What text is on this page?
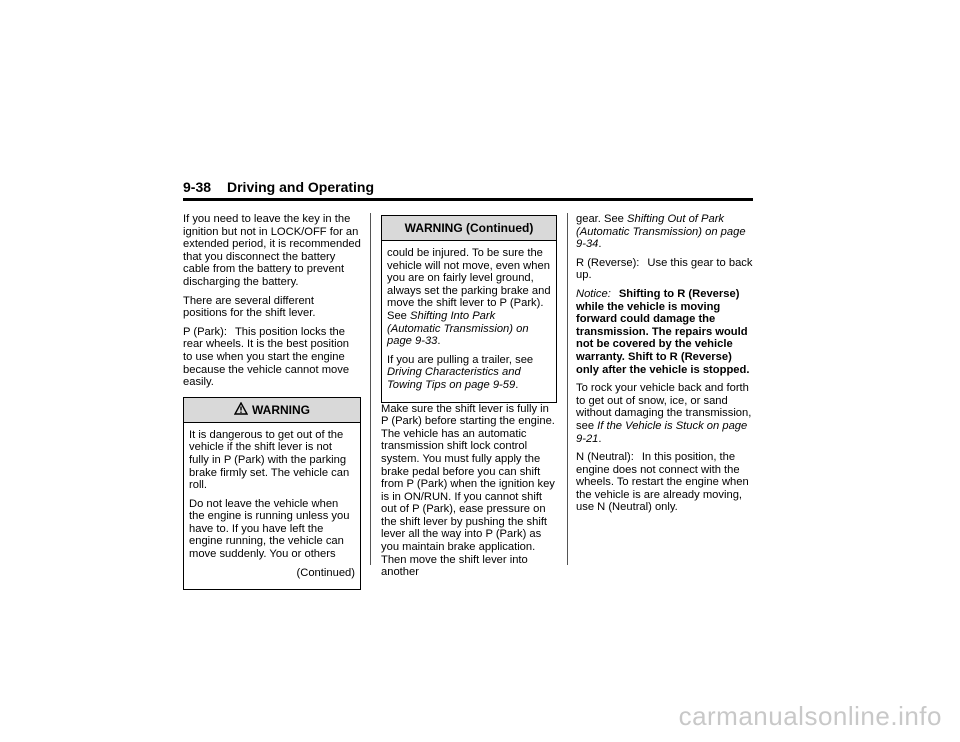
9-38 Driving and Operating

If you need to leave the key in the ignition but not in LOCK/OFF for an extended period, it is recommended that you disconnect the battery cable from the battery to prevent discharging the battery.

There are several different positions for the shift lever.

P (Park): This position locks the rear wheels. It is the best position to use when you start the engine because the vehicle cannot move easily.

WARNING

It is dangerous to get out of the vehicle if the shift lever is not fully in P (Park) with the parking brake firmly set. The vehicle can roll.

Do not leave the vehicle when the engine is running unless you have to. If you have left the engine running, the vehicle can move suddenly. You or others

(Continued)

WARNING (Continued)

could be injured. To be sure the vehicle will not move, even when you are on fairly level ground, always set the parking brake and move the shift lever to P (Park). See Shifting Into Park (Automatic Transmission) on page 9-33.

If you are pulling a trailer, see Driving Characteristics and Towing Tips on page 9-59.

Make sure the shift lever is fully in P (Park) before starting the engine. The vehicle has an automatic transmission shift lock control system. You must fully apply the brake pedal before you can shift from P (Park) when the ignition key is in ON/RUN. If you cannot shift out of P (Park), ease pressure on the shift lever by pushing the shift lever all the way into P (Park) as you maintain brake application. Then move the shift lever into another

gear. See Shifting Out of Park (Automatic Transmission) on page 9-34.

R (Reverse): Use this gear to back up.

Notice: Shifting to R (Reverse) while the vehicle is moving forward could damage the transmission. The repairs would not be covered by the vehicle warranty. Shift to R (Reverse) only after the vehicle is stopped.

To rock your vehicle back and forth to get out of snow, ice, or sand without damaging the transmission, see If the Vehicle is Stuck on page 9-21.

N (Neutral): In this position, the engine does not connect with the wheels. To restart the engine when the vehicle is are already moving, use N (Neutral) only.

carmanualsonline.info
